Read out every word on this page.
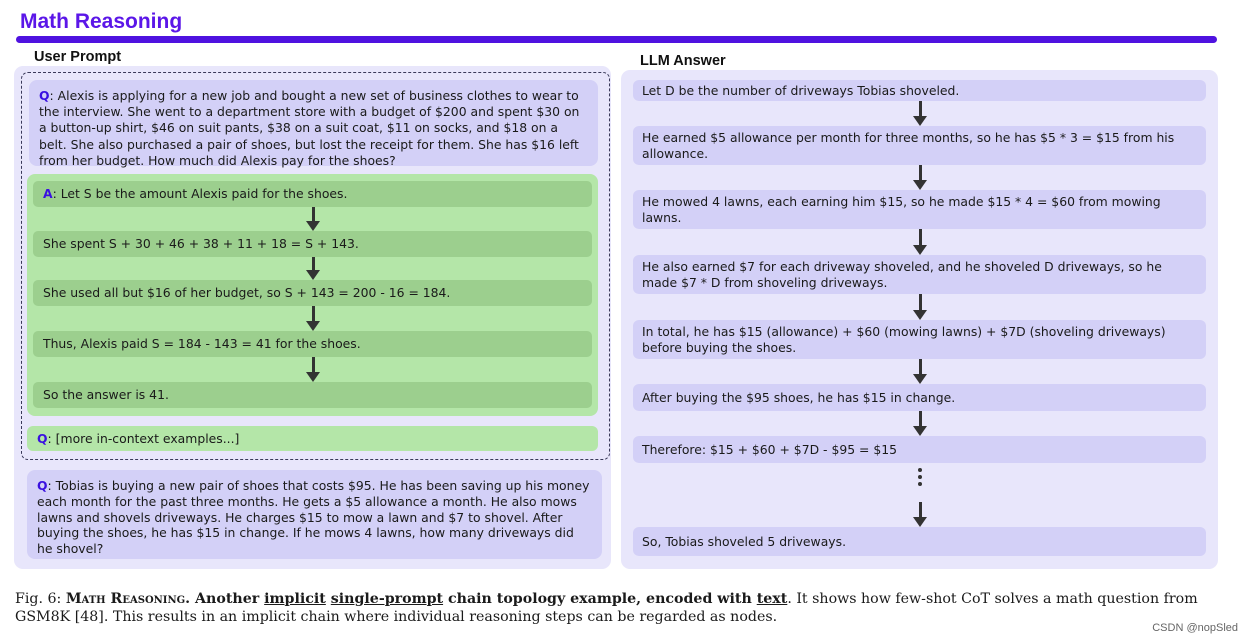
Math Reasoning
User Prompt	LLM Answer
Q: Alexis is applying for a new job and bought a new set of business clothes to wear to the interview. She went to a department store with a budget of $200 and spent $30 on a button-up shirt, $46 on suit pants, $38 on a suit coat, $11 on socks, and $18 on a belt. She also purchased a pair of shoes, but lost the receipt for them. She has $16 left from her budget. How much did Alexis pay for the shoes?
A: Let S be the amount Alexis paid for the shoes.
She spent S + 30 + 46 + 38 + 11 + 18 = S + 143.
She used all but $16 of her budget, so S + 143 = 200 - 16 = 184.
Thus, Alexis paid S = 184 - 143 = 41 for the shoes.
So the answer is 41.
Q: [more in-context examples...]
Q: Tobias is buying a new pair of shoes that costs $95. He has been saving up his money each month for the past three months. He gets a $5 allowance a month. He also mows lawns and shovels driveways. He charges $15 to mow a lawn and $7 to shovel. After buying the shoes, he has $15 in change. If he mows 4 lawns, how many driveways did he shovel?
Let D be the number of driveways Tobias shoveled.
He earned $5 allowance per month for three months, so he has $5 * 3 = $15 from his allowance.
He mowed 4 lawns, each earning him $15, so he made $15 * 4 = $60 from mowing lawns.
He also earned $7 for each driveway shoveled, and he shoveled D driveways, so he made $7 * D from shoveling driveways.
In total, he has $15 (allowance) + $60 (mowing lawns) + $7D (shoveling driveways) before buying the shoes.
After buying the $95 shoes, he has $15 in change.
Therefore: $15 + $60 + $7D - $95 = $15
So, Tobias shoveled 5 driveways.
Fig. 6: Math Reasoning. Another implicit single-prompt chain topology example, encoded with text. It shows how few-shot CoT solves a math question from GSM8K [48]. This results in an implicit chain where individual reasoning steps can be regarded as nodes.
CSDN @nopSled
